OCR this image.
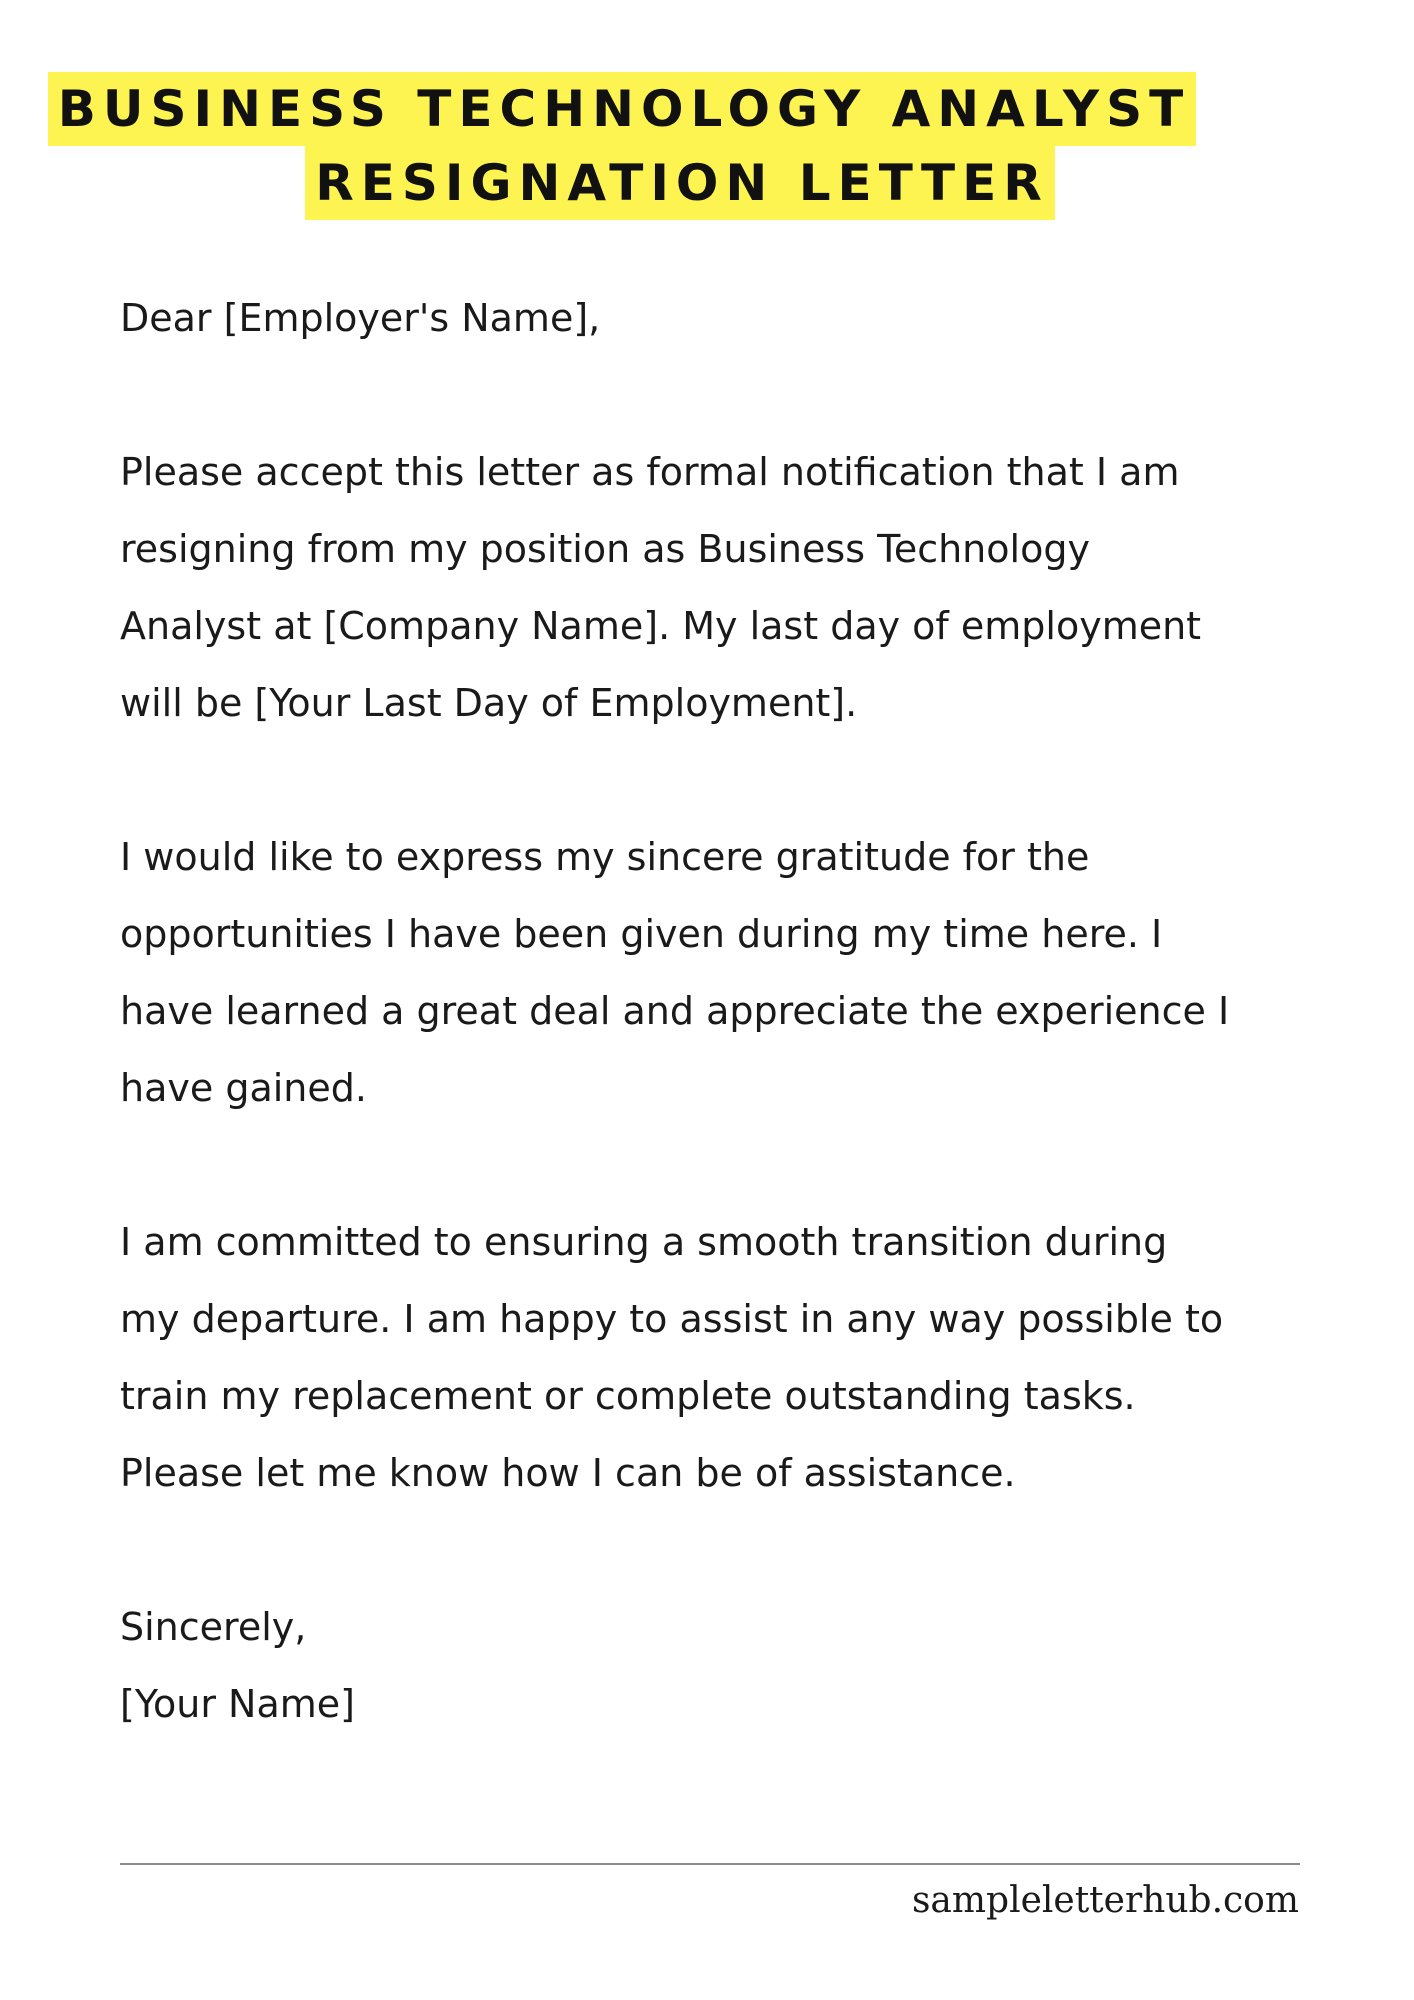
BUSINESS TECHNOLOGY ANALYST
RESIGNATION LETTER

Dear [Employer's Name],

Please accept this letter as formal notification that I am
resigning from my position as Business Technology
Analyst at [Company Name]. My last day of employment
will be [Your Last Day of Employment].

I would like to express my sincere gratitude for the
opportunities I have been given during my time here. I
have learned a great deal and appreciate the experience I
have gained.

I am committed to ensuring a smooth transition during
my departure. I am happy to assist in any way possible to
train my replacement or complete outstanding tasks.
Please let me know how I can be of assistance.

Sincerely,

[Your Name]

sampleletterhub.com
